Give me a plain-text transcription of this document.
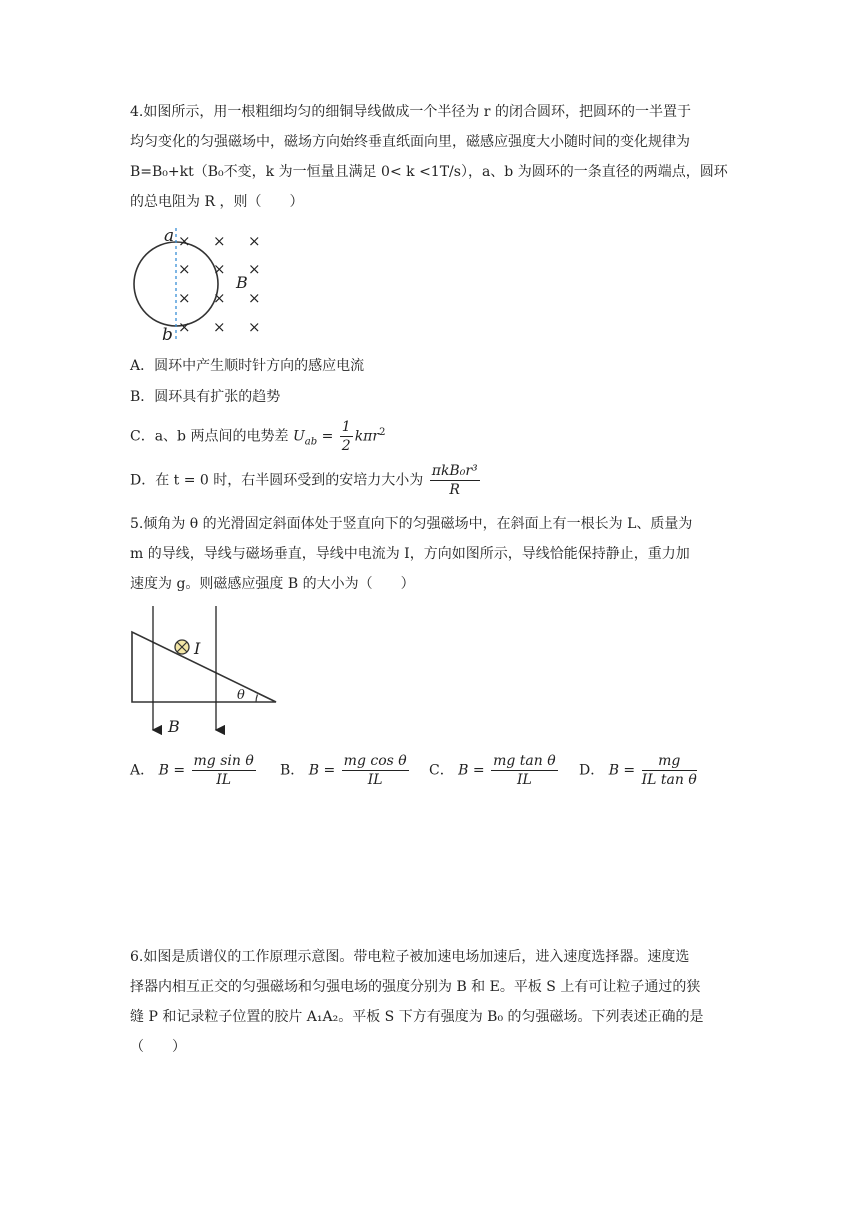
4.如图所示，用一根粗细均匀的细铜导线做成一个半径为 r 的闭合圆环，把圆环的一半置于
均匀变化的匀强磁场中，磁场方向始终垂直纸面向里，磁感应强度大小随时间的变化规律为
B=B₀+kt（B₀不变，k 为一恒量且满足 0< k <1T/s），a、b 为圆环的一条直径的两端点，圆环
的总电阻为 R ，则（　　）
a
b
B
× × ×
× × ×
× × ×
× × ×
A．圆环中产生顺时针方向的感应电流
B．圆环具有扩张的趋势
C．a、b 两点间的电势差 $U_{ab} = \frac{1}{2} k\pi r^2$
D．在 t = 0 时，右半圆环受到的安培力大小为 $\frac{\text{πkB₀r³}}{R}$
5.倾角为 θ 的光滑固定斜面体处于竖直向下的匀强磁场中，在斜面上有一根长为 L、质量为
m 的导线，导线与磁场垂直，导线中电流为 I，方向如图所示，导线恰能保持静止，重力加
速度为 g。则磁感应强度 B 的大小为（　　）
I
θ
B
A． $B = \frac{\text{mg sin θ}}{IL}$ B． $B = \frac{\text{mg cos θ}}{IL}$ C． $B = \frac{\text{mg tan θ}}{IL}$ D． $B = \frac{mg}{\text{IL tan θ}}$
6.如图是质谱仪的工作原理示意图。带电粒子被加速电场加速后，进入速度选择器。速度选
择器内相互正交的匀强磁场和匀强电场的强度分别为 B 和 E。平板 S 上有可让粒子通过的狭
缝 P 和记录粒子位置的胶片 A₁A₂。平板 S 下方有强度为 B₀ 的匀强磁场。下列表述正确的是
（　　）
